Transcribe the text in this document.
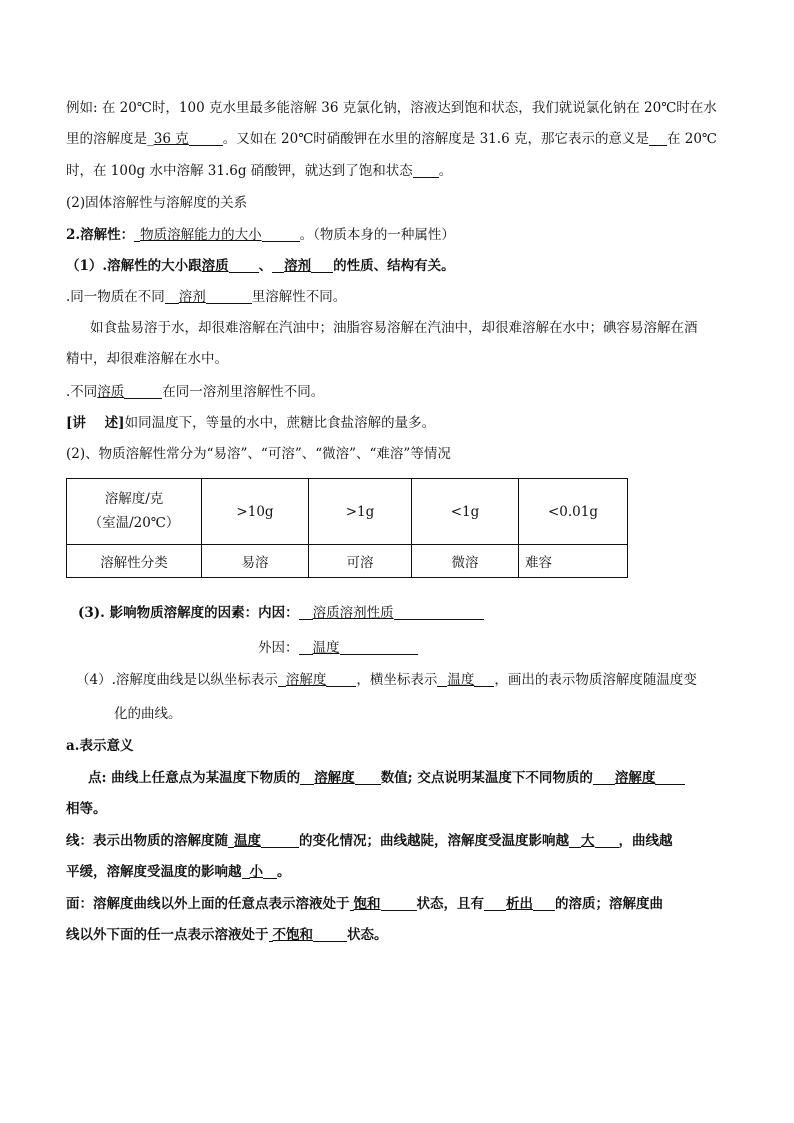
例如: 在 20℃时，100 克水里最多能溶解 36 克氯化钠，溶液达到饱和状态，我们就说氯化钠在 20℃时在水

里的溶解度是_36 克	。又如在 20℃时硝酸钾在水里的溶解度是 31.6 克，那它表示的意义是 在 20℃

时，在 100g 水中溶解 31.6g 硝酸钾，就达到了饱和状态 。

(2)固体溶解性与溶解度的关系

2.溶解性： 物质溶解能力的大小	。（物质本身的一种属性）

（1）.溶解性的大小跟溶质 、 溶剂 的性质、结构有关。

.同一物质在不同 溶剂	里溶解性不同。

如食盐易溶于水，却很难溶解在汽油中；油脂容易溶解在汽油中，却很难溶解在水中；碘容易溶解在酒

精中，却很难溶解在水中。

.不同溶质	在同一溶剂里溶解性不同。

[讲    述]如同温度下，等量的水中，蔗糖比食盐溶解的量多。

(2)、物质溶解性常分为“易溶”、“可溶”、“微溶”、“难溶”等情况

溶解度/克
（室温/20℃）	>10g	>1g	<1g	<0.01g
溶解性分类	易溶	可溶	微溶	难容

(3). 影响物质溶解度的因素：内因： 溶质溶剂性质

外因： 温度

（4）.溶解度曲线是以纵坐标表示 溶解度 ，横坐标表示 温度 ，画出的表示物质溶解度随温度变

化的曲线。

a.表示意义

点: 曲线上任意点为某温度下物质的 溶解度 数值; 交点说明某温度下不同物质的 溶解度

相等。

线：表示出物质的溶解度随 温度	的变化情况；曲线越陡，溶解度受温度影响越 大 ，曲线越

平缓，溶解度受温度的影响越 小 。

面：溶解度曲线以外上面的任意点表示溶液处于 饱和	状态，且有 析出 的溶质；溶解度曲

线以外下面的任一点表示溶液处于 不饱和	状态。
